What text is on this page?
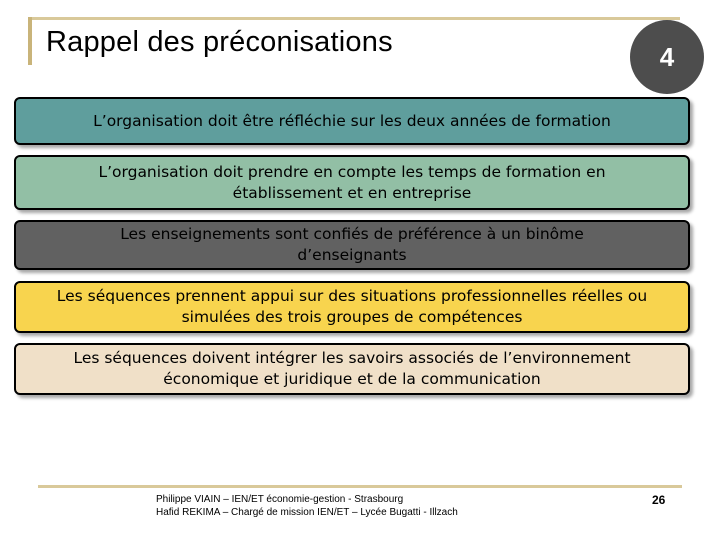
Rappel des préconisations	4
L’organisation doit être réfléchie sur les deux années de formation
L’organisation doit prendre en compte les temps de formation en établissement et en entreprise
Les enseignements sont confiés de préférence à un binôme d’enseignants
Les séquences prennent appui sur des situations professionnelles réelles ou simulées des trois groupes de compétences
Les séquences doivent intégrer les savoirs associés de l’environnement économique et juridique et de la communication
Philippe VIAIN – IEN/ET économie-gestion - Strasbourg
Hafid REKIMA – Chargé de mission IEN/ET – Lycée Bugatti - Illzach
26
